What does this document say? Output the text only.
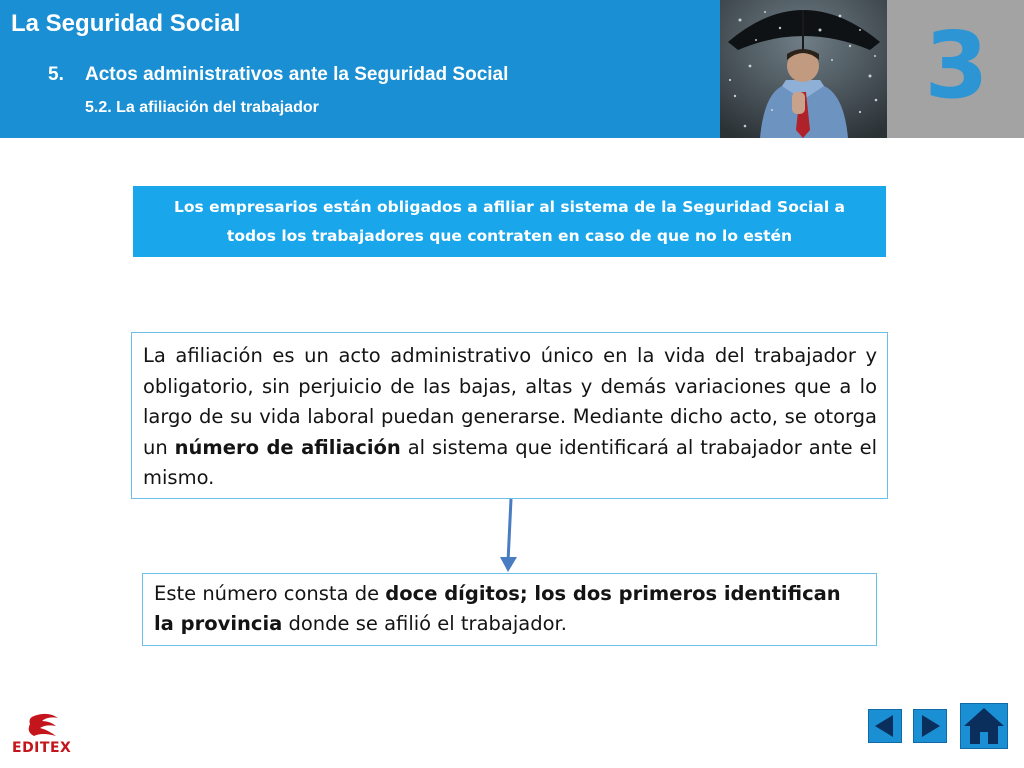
La Seguridad Social
5. Actos administrativos ante la Seguridad Social
5.2. La afiliación del trabajador	3
Los empresarios están obligados a afiliar al sistema de la Seguridad Social a todos los trabajadores que contraten en caso de que no lo estén
La afiliación es un acto administrativo único en la vida del trabajador y obligatorio, sin perjuicio de las bajas, altas y demás variaciones que a lo largo de su vida laboral puedan generarse. Mediante dicho acto, se otorga un número de afiliación al sistema que identificará al trabajador ante el mismo.
Este número consta de doce dígitos; los dos primeros identifican la provincia donde se afilió el trabajador.
EDITEX
